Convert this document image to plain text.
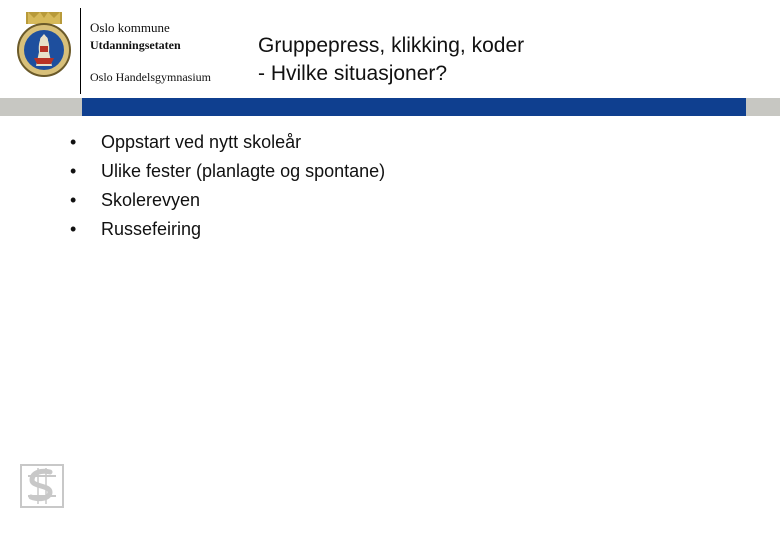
Oslo kommune
Utdanningsetaten
Oslo Handelsgymnasium
Gruppepress, klikking, koder
- Hvilke situasjoner?
•	Oppstart ved nytt skoleår
•	Ulike fester (planlagte og spontane)
•	Skolerevyen
•	Russefeiring
